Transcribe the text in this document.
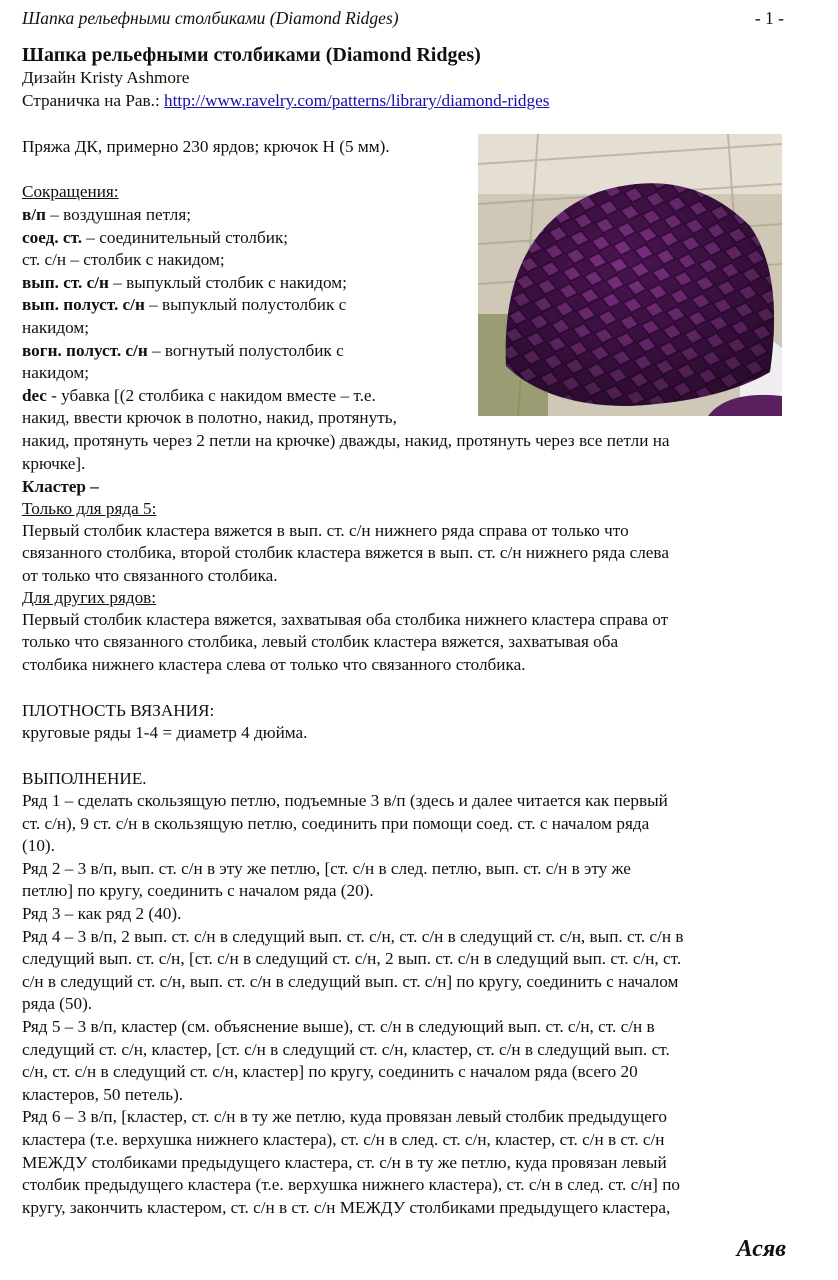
Шапка рельефными столбиками (Diamond Ridges)	- 1 -
Шапка рельефными столбиками (Diamond Ridges)
Дизайн Kristy Ashmore
Страничка на Рав.: http://www.ravelry.com/patterns/library/diamond-ridges
Пряжа ДК, примерно 230 ярдов; крючок H (5 мм).
Сокращения:
Кластер –
Только для ряда 5:
Для других рядов:
ПЛОТНОСТЬ ВЯЗАНИЯ:
круговые ряды 1-4 = диаметр 4 дюйма.
ВЫПОЛНЕНИЕ.
Асяв
в/п – воздушная петля;
соед. ст. – соединительный столбик;
ст. с/н – столбик с накидом;
вып. ст. с/н – выпуклый столбик с накидом;
вып. полуст. с/н – выпуклый полустолбик с
накидом;
вогн. полуст. с/н – вогнутый полустолбик с
накидом;
dec - убавка [(2 столбика с накидом вместе – т.е.
накид, ввести крючок в полотно, накид, протянуть,
накид, протянуть через 2 петли на крючке) дважды, накид, протянуть через все петли на
крючке].
Первый столбик кластера вяжется в вып. ст. с/н нижнего ряда справа от только что
связанного столбика, второй столбик кластера вяжется в вып. ст. с/н нижнего ряда слева
от только что связанного столбика.
Первый столбик кластера вяжется, захватывая оба столбика нижнего кластера справа от
только что связанного столбика, левый столбик кластера вяжется, захватывая оба
столбика нижнего кластера слева от только что связанного столбика.
Ряд 1 – сделать скользящую петлю, подъемные 3 в/п (здесь и далее читается как первый
ст. с/н), 9 ст. с/н в скользящую петлю, соединить при помощи соед. ст. с началом ряда
(10).
Ряд 2 – 3 в/п, вып. ст. с/н в эту же петлю, [ст. с/н в след. петлю, вып. ст. с/н в эту же
петлю] по кругу, соединить с началом ряда (20).
Ряд 3 – как ряд 2 (40).
Ряд 4 – 3 в/п, 2 вып. ст. с/н в следущий вып. ст. с/н, ст. с/н в следущий ст. с/н, вып. ст. с/н в
следущий вып. ст. с/н, [ст. с/н в следущий ст. с/н, 2 вып. ст. с/н в следущий вып. ст. с/н, ст.
с/н в следущий ст. с/н, вып. ст. с/н в следущий вып. ст. с/н] по кругу, соединить с началом
ряда (50).
Ряд 5 – 3 в/п, кластер (см. объяснение выше), ст. с/н в следующий вып. ст. с/н, ст. с/н в
следущий ст. с/н, кластер, [ст. с/н в следущий ст. с/н, кластер, ст. с/н в следущий вып. ст.
с/н, ст. с/н в следущий ст. с/н, кластер] по кругу, соединить с началом ряда (всего 20
кластеров, 50 петель).
Ряд 6 – 3 в/п, [кластер, ст. с/н в ту же петлю, куда провязан левый столбик предыдущего
кластера (т.е. верхушка нижнего кластера), ст. с/н в след. ст. с/н, кластер, ст. с/н в ст. с/н
МЕЖДУ столбиками предыдущего кластера, ст. с/н в ту же петлю, куда провязан левый
столбик предыдущего кластера (т.е. верхушка нижнего кластера), ст. с/н в след. ст. с/н] по
кругу, закончить кластером, ст. с/н в ст. с/н МЕЖДУ столбиками предыдущего кластера,
